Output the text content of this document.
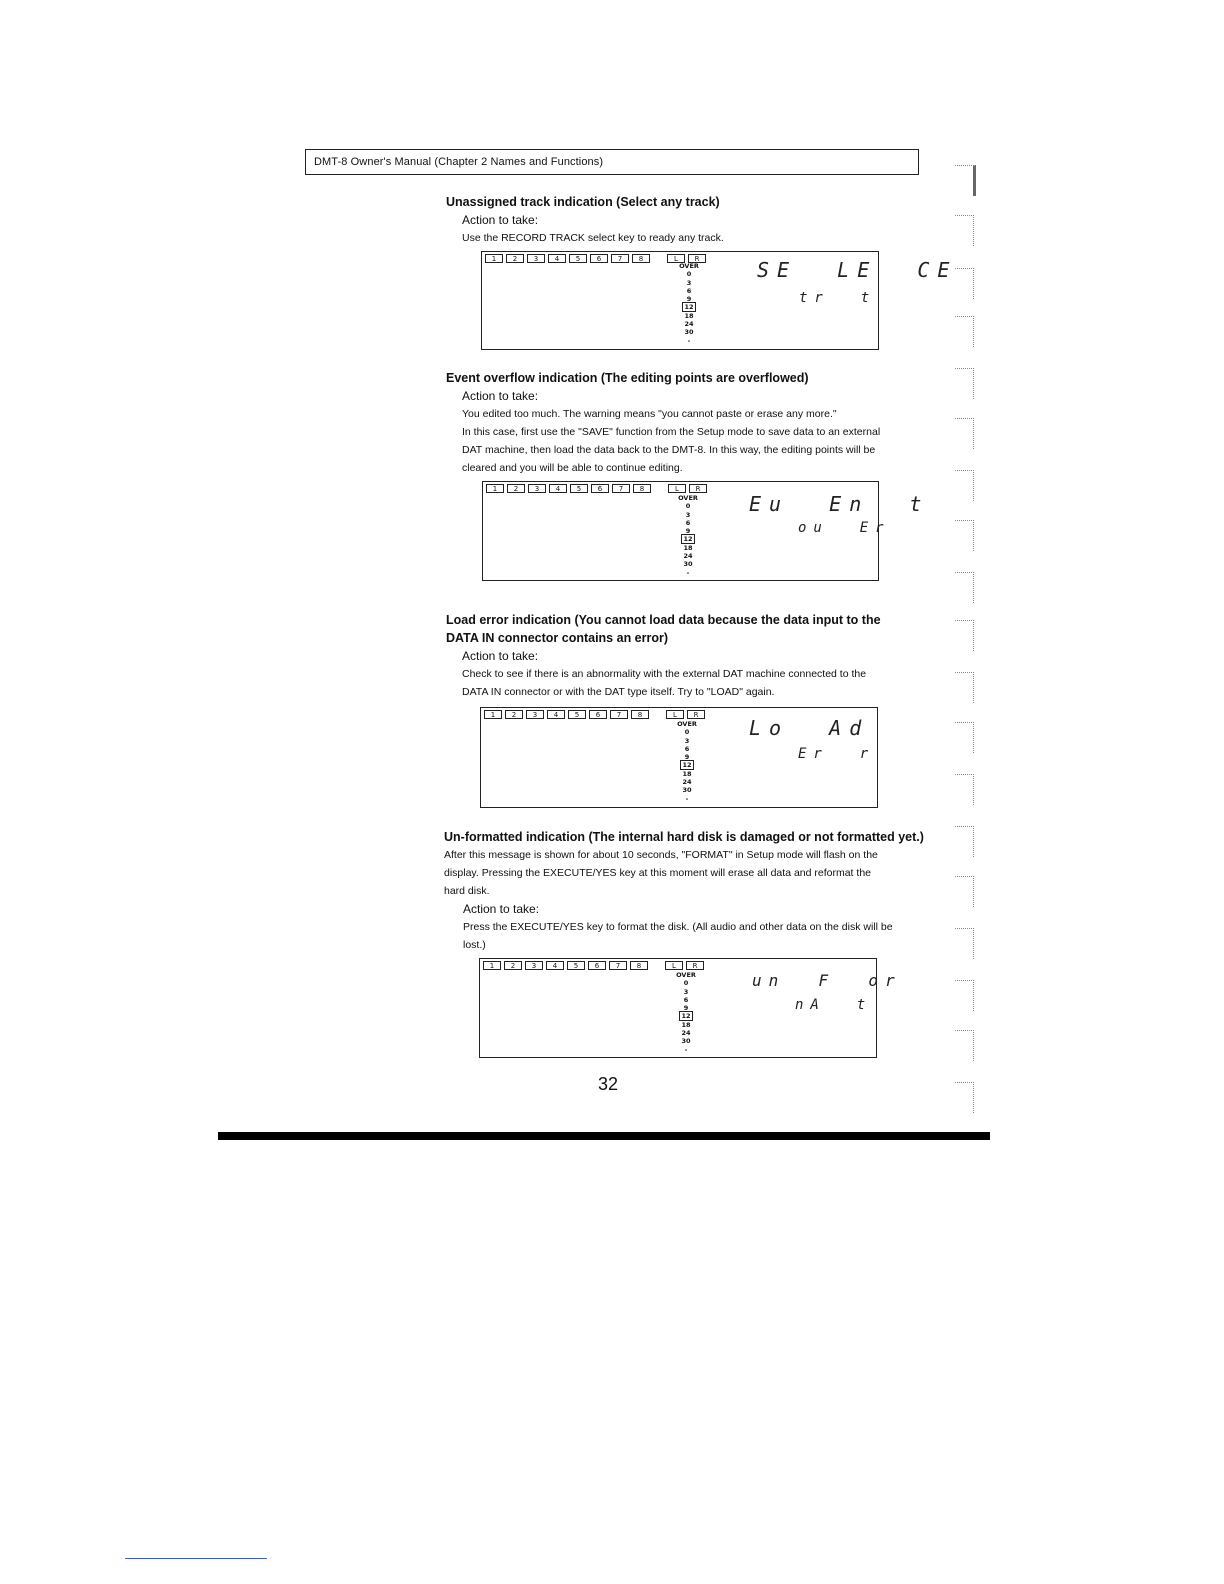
DMT-8 Owner's Manual (Chapter 2 Names and Functions)
Unassigned track indication (Select any track)
Action to take:
Use the RECORD TRACK select key to ready any track.
1	2	3	4	5	6	7	8	L	R
OVER
0
3
6
9
12
18
24
30
-
SE  LE  CE
tr  t
Event overflow indication (The editing points are overflowed)
Action to take:
You edited too much. The warning means "you cannot paste or erase any more."
In this case, first use the "SAVE" function from the Setup mode to save data to an external
DAT machine, then load the data back to the DMT-8. In this way, the editing points will be
cleared and you will be able to continue editing.
1	2	3	4	5	6	7	8	L	R
OVER
0
3
6
9
12
18
24
30
-
Eu  En  t
ou  Er
Load error indication (You cannot load data because the data input to the
DATA IN connector contains an error)
Action to take:
Check to see if there is an abnormality with the external DAT machine connected to the
DATA IN connector or with the DAT type itself. Try to "LOAD" again.
1	2	3	4	5	6	7	8	L	R
OVER
0
3
6
9
12
18
24
30
-
Lo  Ad
Er  r
Un-formatted indication (The internal hard disk is damaged or not formatted yet.)
After this message is shown for about 10 seconds, "FORMAT" in Setup mode will flash on the
display. Pressing the EXECUTE/YES key at this moment will erase all data and reformat the
hard disk.
Action to take:
Press the EXECUTE/YES key to format the disk. (All audio and other data on the disk will be
lost.)
1	2	3	4	5	6	7	8	L	R
OVER
0
3
6
9
12
18
24
30
-
un  F  or
nA  t
32
